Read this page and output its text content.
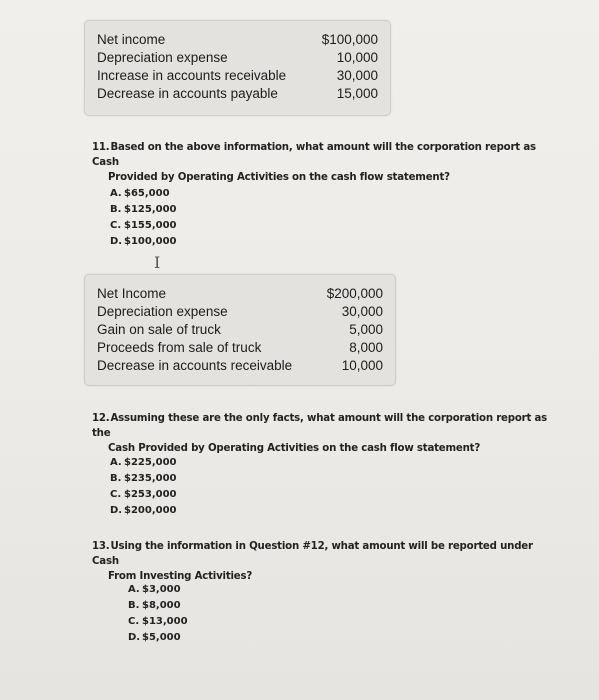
Net income	$100,000
Depreciation expense	10,000
Increase in accounts receivable	30,000
Decrease in accounts payable	15,000
11.Based on the above information, what amount will the corporation report as Cash
Provided by Operating Activities on the cash flow statement?
A. $65,000
B. $125,000
C. $155,000
D. $100,000
I
Net Income	$200,000
Depreciation expense	30,000
Gain on sale of truck	5,000
Proceeds from sale of truck	8,000
Decrease in accounts receivable	10,000
12.Assuming these are the only facts, what amount will the corporation report as the
Cash Provided by Operating Activities on the cash flow statement?
A. $225,000
B. $235,000
C. $253,000
D. $200,000
13.Using the information in Question #12, what amount will be reported under Cash
From Investing Activities?
A. $3,000
B. $8,000
C. $13,000
D. $5,000
